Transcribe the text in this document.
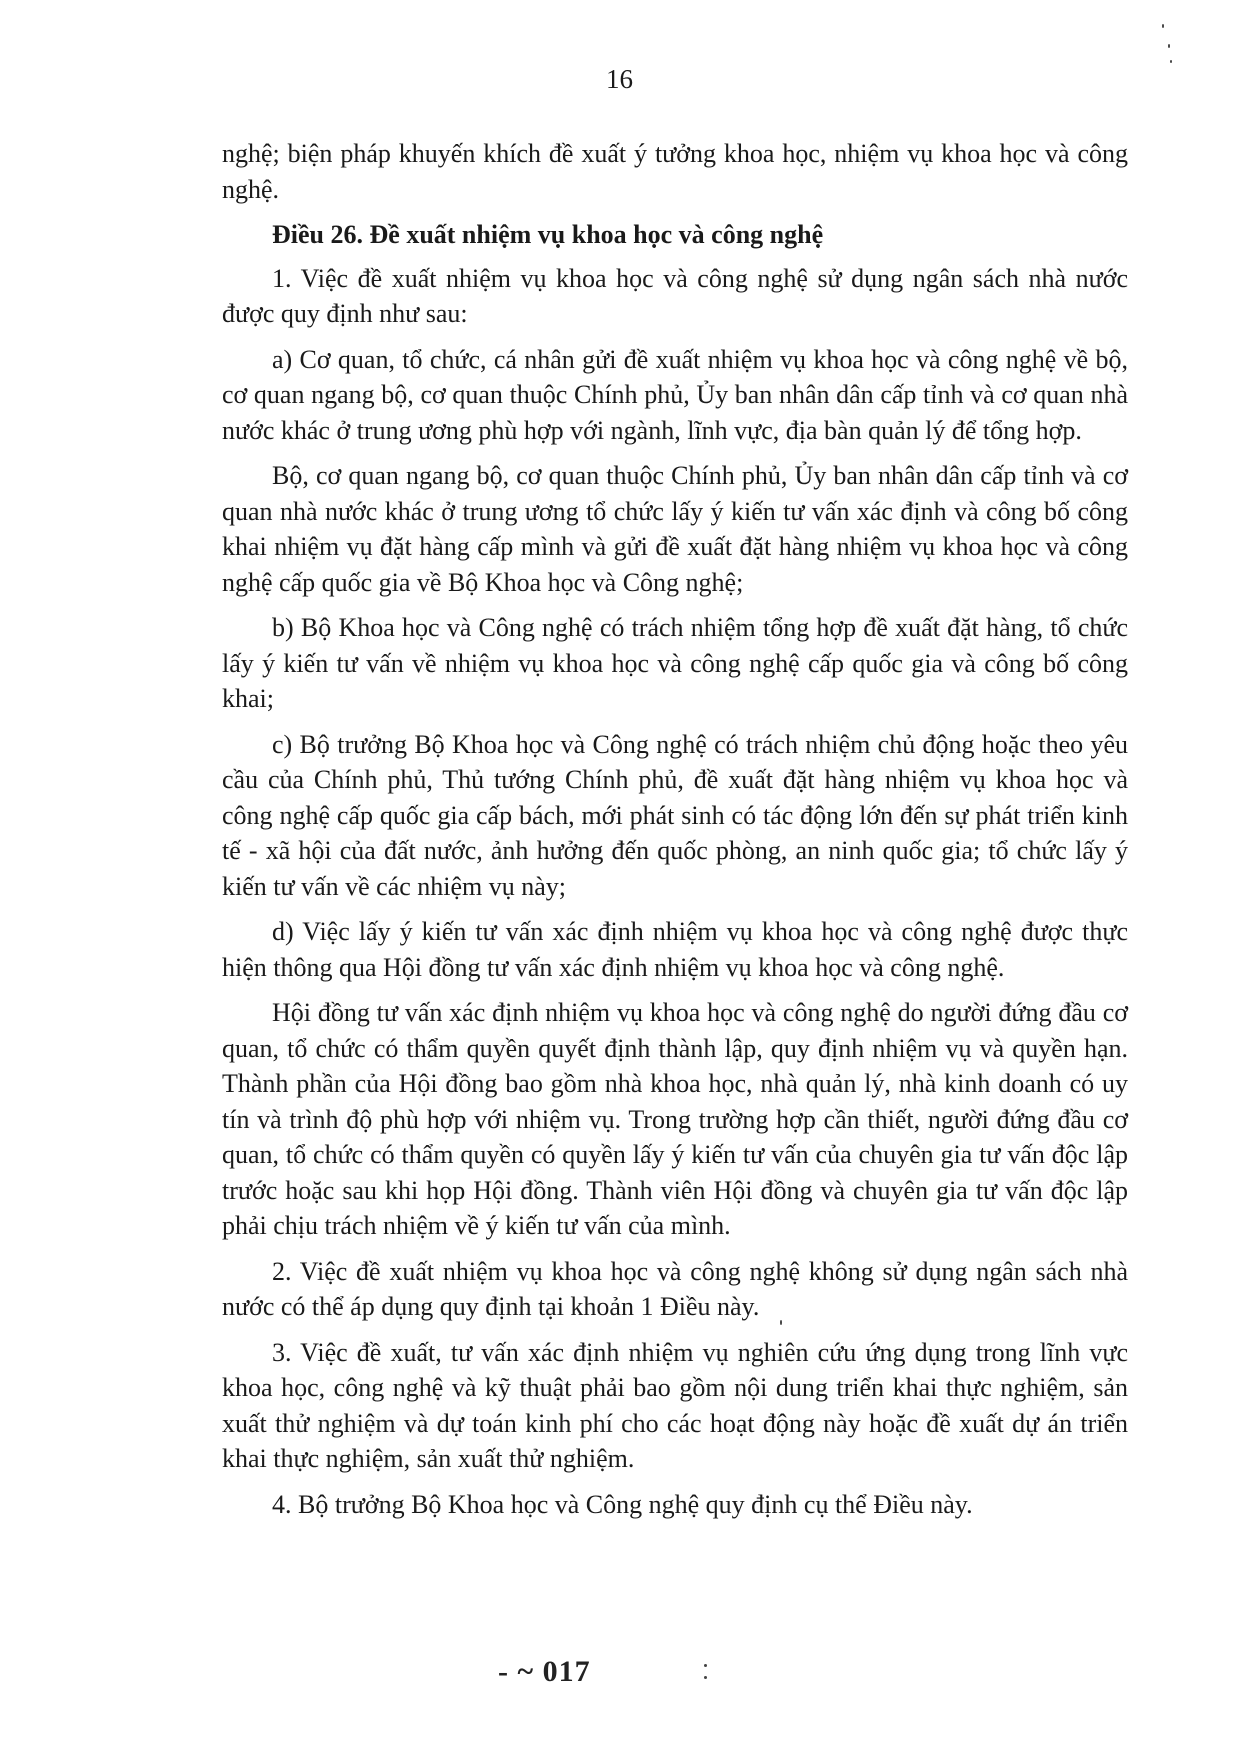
16

nghệ; biện pháp khuyến khích đề xuất ý tưởng khoa học, nhiệm vụ khoa học và công nghệ.

Điều 26. Đề xuất nhiệm vụ khoa học và công nghệ

1. Việc đề xuất nhiệm vụ khoa học và công nghệ sử dụng ngân sách nhà nước được quy định như sau:

a) Cơ quan, tổ chức, cá nhân gửi đề xuất nhiệm vụ khoa học và công nghệ về bộ, cơ quan ngang bộ, cơ quan thuộc Chính phủ, Ủy ban nhân dân cấp tỉnh và cơ quan nhà nước khác ở trung ương phù hợp với ngành, lĩnh vực, địa bàn quản lý để tổng hợp.

Bộ, cơ quan ngang bộ, cơ quan thuộc Chính phủ, Ủy ban nhân dân cấp tỉnh và cơ quan nhà nước khác ở trung ương tổ chức lấy ý kiến tư vấn xác định và công bố công khai nhiệm vụ đặt hàng cấp mình và gửi đề xuất đặt hàng nhiệm vụ khoa học và công nghệ cấp quốc gia về Bộ Khoa học và Công nghệ;

b) Bộ Khoa học và Công nghệ có trách nhiệm tổng hợp đề xuất đặt hàng, tổ chức lấy ý kiến tư vấn về nhiệm vụ khoa học và công nghệ cấp quốc gia và công bố công khai;

c) Bộ trưởng Bộ Khoa học và Công nghệ có trách nhiệm chủ động hoặc theo yêu cầu của Chính phủ, Thủ tướng Chính phủ, đề xuất đặt hàng nhiệm vụ khoa học và công nghệ cấp quốc gia cấp bách, mới phát sinh có tác động lớn đến sự phát triển kinh tế - xã hội của đất nước, ảnh hưởng đến quốc phòng, an ninh quốc gia; tổ chức lấy ý kiến tư vấn về các nhiệm vụ này;

d) Việc lấy ý kiến tư vấn xác định nhiệm vụ khoa học và công nghệ được thực hiện thông qua Hội đồng tư vấn xác định nhiệm vụ khoa học và công nghệ.

Hội đồng tư vấn xác định nhiệm vụ khoa học và công nghệ do người đứng đầu cơ quan, tổ chức có thẩm quyền quyết định thành lập, quy định nhiệm vụ và quyền hạn. Thành phần của Hội đồng bao gồm nhà khoa học, nhà quản lý, nhà kinh doanh có uy tín và trình độ phù hợp với nhiệm vụ. Trong trường hợp cần thiết, người đứng đầu cơ quan, tổ chức có thẩm quyền có quyền lấy ý kiến tư vấn của chuyên gia tư vấn độc lập trước hoặc sau khi họp Hội đồng. Thành viên Hội đồng và chuyên gia tư vấn độc lập phải chịu trách nhiệm về ý kiến tư vấn của mình.

2. Việc đề xuất nhiệm vụ khoa học và công nghệ không sử dụng ngân sách nhà nước có thể áp dụng quy định tại khoản 1 Điều này.

3. Việc đề xuất, tư vấn xác định nhiệm vụ nghiên cứu ứng dụng trong lĩnh vực khoa học, công nghệ và kỹ thuật phải bao gồm nội dung triển khai thực nghiệm, sản xuất thử nghiệm và dự toán kinh phí cho các hoạt động này hoặc đề xuất dự án triển khai thực nghiệm, sản xuất thử nghiệm.

4. Bộ trưởng Bộ Khoa học và Công nghệ quy định cụ thể Điều này.

- ~ 017
